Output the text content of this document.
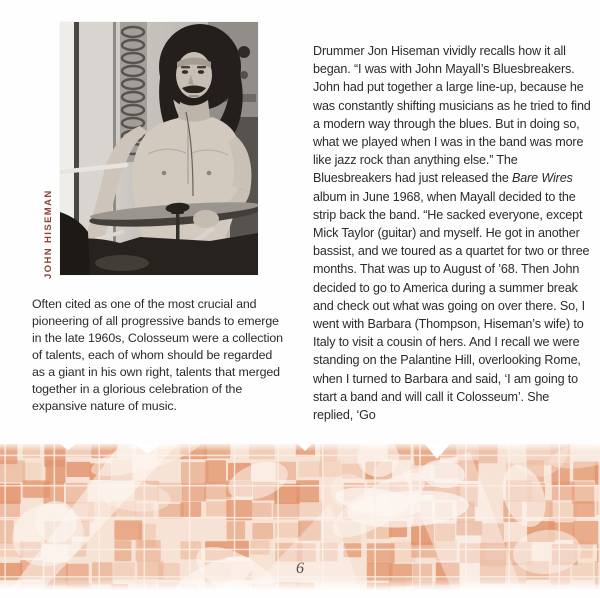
JOHN HISEMAN
Often cited as one of the most crucial and pioneering of all progressive bands to emerge in the late 1960s, Colosseum were a collection of talents, each of whom should be regarded as a giant in his own right, talents that merged together in a glorious celebration of the expansive nature of music.
Drummer Jon Hiseman vividly recalls how it all began. “I was with John Mayall’s Bluesbreakers. John had put together a large line-up, because he was constantly shifting musicians as he tried to find a modern way through the blues. But in doing so, what we played when I was in the band was more like jazz rock than anything else.” The Bluesbreakers had just released the Bare Wires album in June 1968, when Mayall decided to the strip back the band. “He sacked everyone, except Mick Taylor (guitar) and myself. He got in another bassist, and we toured as a quartet for two or three months. That was up to August of ’68. Then John decided to go to America during a summer break and check out what was going on over there. So, I went with Barbara (Thompson, Hiseman’s wife) to Italy to visit a cousin of hers. And I recall we were standing on the Palantine Hill, overlooking Rome, when I turned to Barbara and said, ‘I am going to start a band and will call it Colosseum’. She replied, ‘Go
6
